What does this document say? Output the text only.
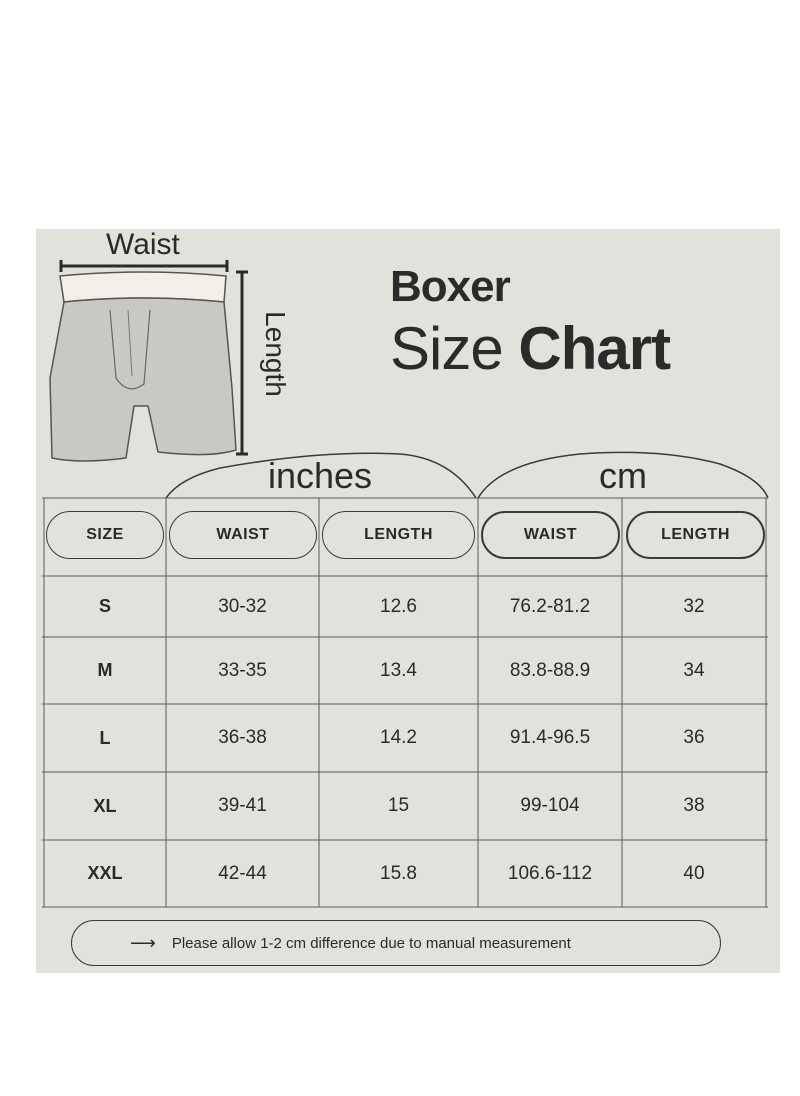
Waist
Length
Boxer
Size Chart
inches	cm
SIZE	WAIST	LENGTH	WAIST	LENGTH
S	30-32	12.6	76.2-81.2	32
M	33-35	13.4	83.8-88.9	34
L	36-38	14.2	91.4-96.5	36
XL	39-41	15	99-104	38
XXL	42-44	15.8	106.6-112	40
⟶ Please allow 1-2 cm difference due to manual measurement
